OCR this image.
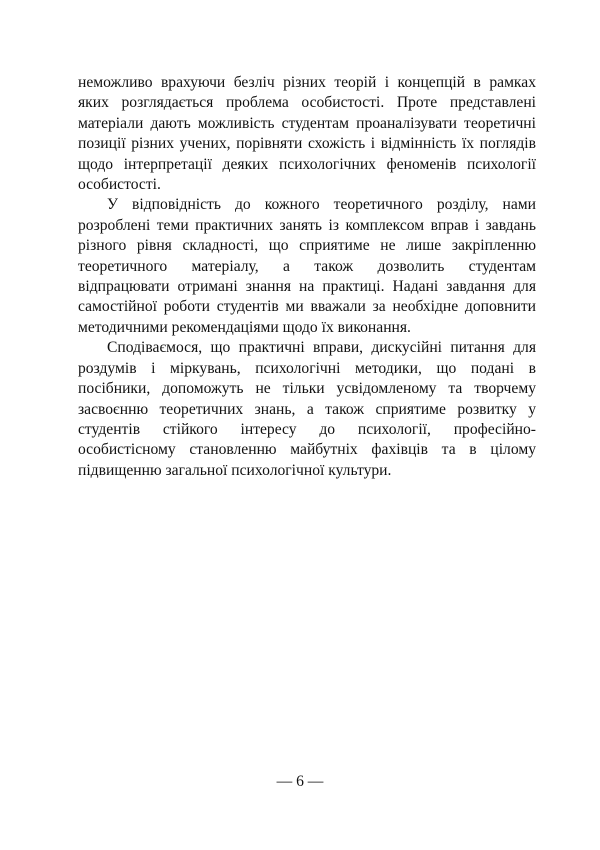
неможливо врахуючи безліч різних теорій і концепцій в рамках
яких розглядається проблема особистості. Проте представлені
матеріали дають можливість студентам проаналізувати теоретичні
позиції різних учених, порівняти схожість і відмінність їх поглядів
щодо інтерпретації деяких психологічних феноменів психології
особистості.

У відповідність до кожного теоретичного розділу, нами
розроблені теми практичних занять із комплексом вправ і завдань
різного рівня складності, що сприятиме не лише закріпленню
теоретичного матеріалу, а також дозволить студентам
відпрацювати отримані знання на практиці. Надані завдання для
самостійної роботи студентів ми вважали за необхідне доповнити
методичними рекомендаціями щодо їх виконання.

Сподіваємося, що практичні вправи, дискусійні питання для
роздумів і міркувань, психологічні методики, що подані в
посібники, допоможуть не тільки усвідомленому та творчему
засвоєнню теоретичних знань, а також сприятиме розвитку у
студентів стійкого інтересу до психології, професійно-
особистісному становленню майбутніх фахівців та в цілому
підвищенню загальної психологічної культури.

— 6 —
